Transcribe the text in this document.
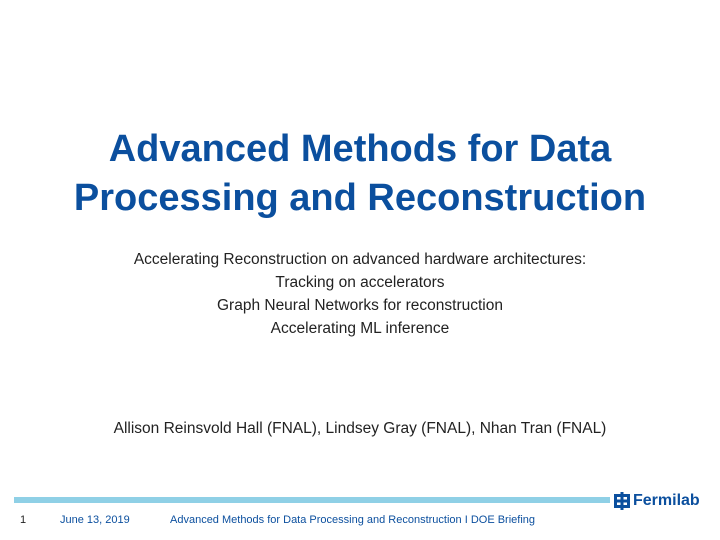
Advanced Methods for Data
Processing and Reconstruction
Accelerating Reconstruction on advanced hardware architectures:
Tracking on accelerators
Graph Neural Networks for reconstruction
Accelerating ML inference
Allison Reinsvold Hall (FNAL), Lindsey Gray (FNAL), Nhan Tran (FNAL)
Fermilab
1	June 13, 2019	Advanced Methods for Data Processing and Reconstruction I DOE Briefing
